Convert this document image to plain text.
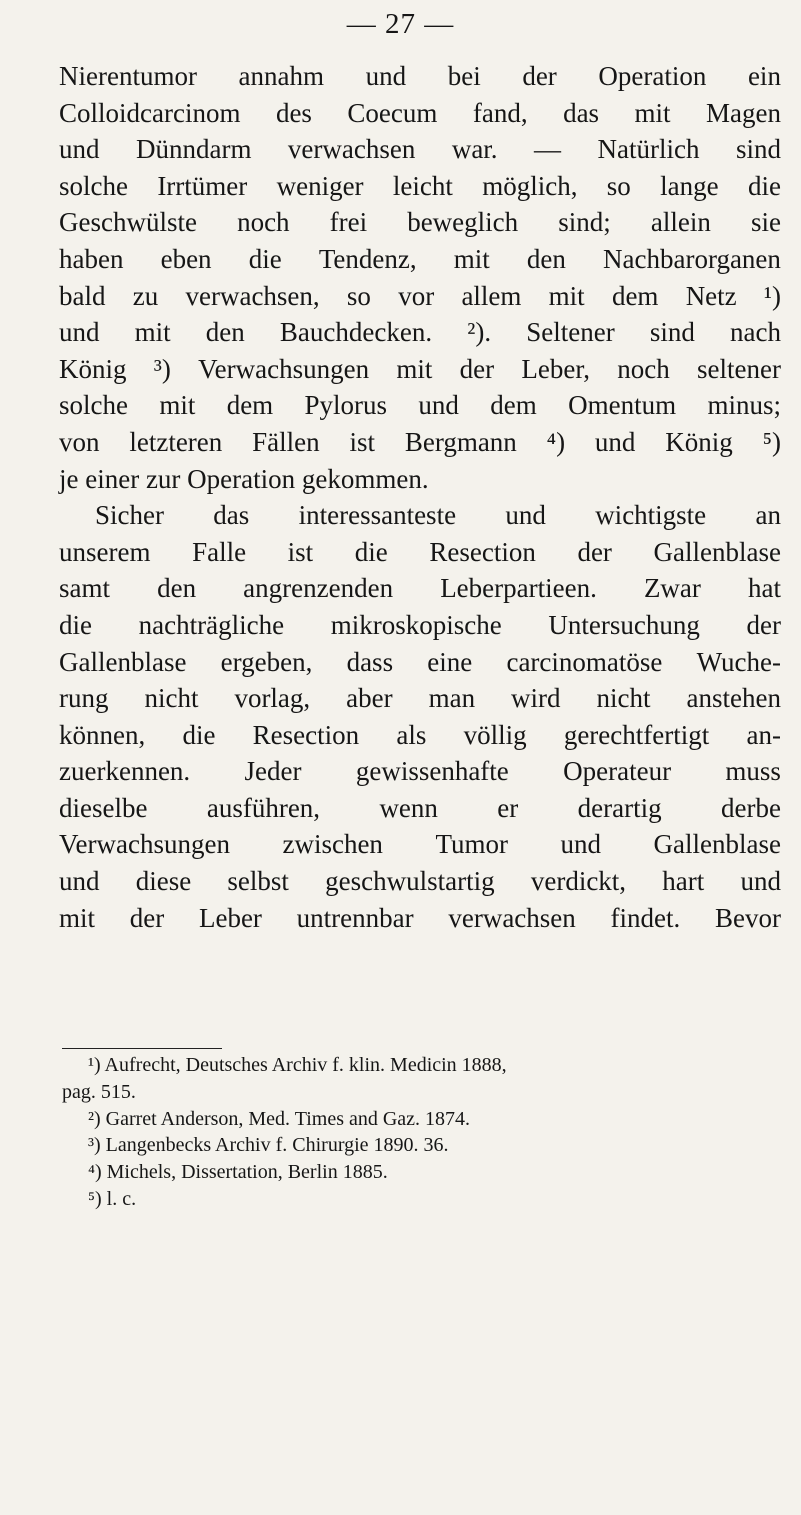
— 27 —
Nierentumor annahm und bei der Operation ein
Colloidcarcinom des Coecum fand, das mit Magen
und Dünndarm verwachsen war. — Natürlich sind
solche Irrtümer weniger leicht möglich, so lange die
Geschwülste noch frei beweglich sind; allein sie
haben eben die Tendenz, mit den Nachbarorganen
bald zu verwachsen, so vor allem mit dem Netz ¹)
und mit den Bauchdecken. ²). Seltener sind nach
König ³) Verwachsungen mit der Leber, noch seltener
solche mit dem Pylorus und dem Omentum minus;
von letzteren Fällen ist Bergmann ⁴) und König ⁵)
je einer zur Operation gekommen.
Sicher das interessanteste und wichtigste an
unserem Falle ist die Resection der Gallenblase
samt den angrenzenden Leberpartieen. Zwar hat
die nachträgliche mikroskopische Untersuchung der
Gallenblase ergeben, dass eine carcinomatöse Wuche-
rung nicht vorlag, aber man wird nicht anstehen
können, die Resection als völlig gerechtfertigt an-
zuerkennen. Jeder gewissenhafte Operateur muss
dieselbe ausführen, wenn er derartig derbe
Verwachsungen zwischen Tumor und Gallenblase
und diese selbst geschwulstartig verdickt, hart und
mit der Leber untrennbar verwachsen findet. Bevor
¹) Aufrecht, Deutsches Archiv f. klin. Medicin 1888,
pag. 515.
²) Garret Anderson, Med. Times and Gaz. 1874.
³) Langenbecks Archiv f. Chirurgie 1890. 36.
⁴) Michels, Dissertation, Berlin 1885.
⁵) l. c.
